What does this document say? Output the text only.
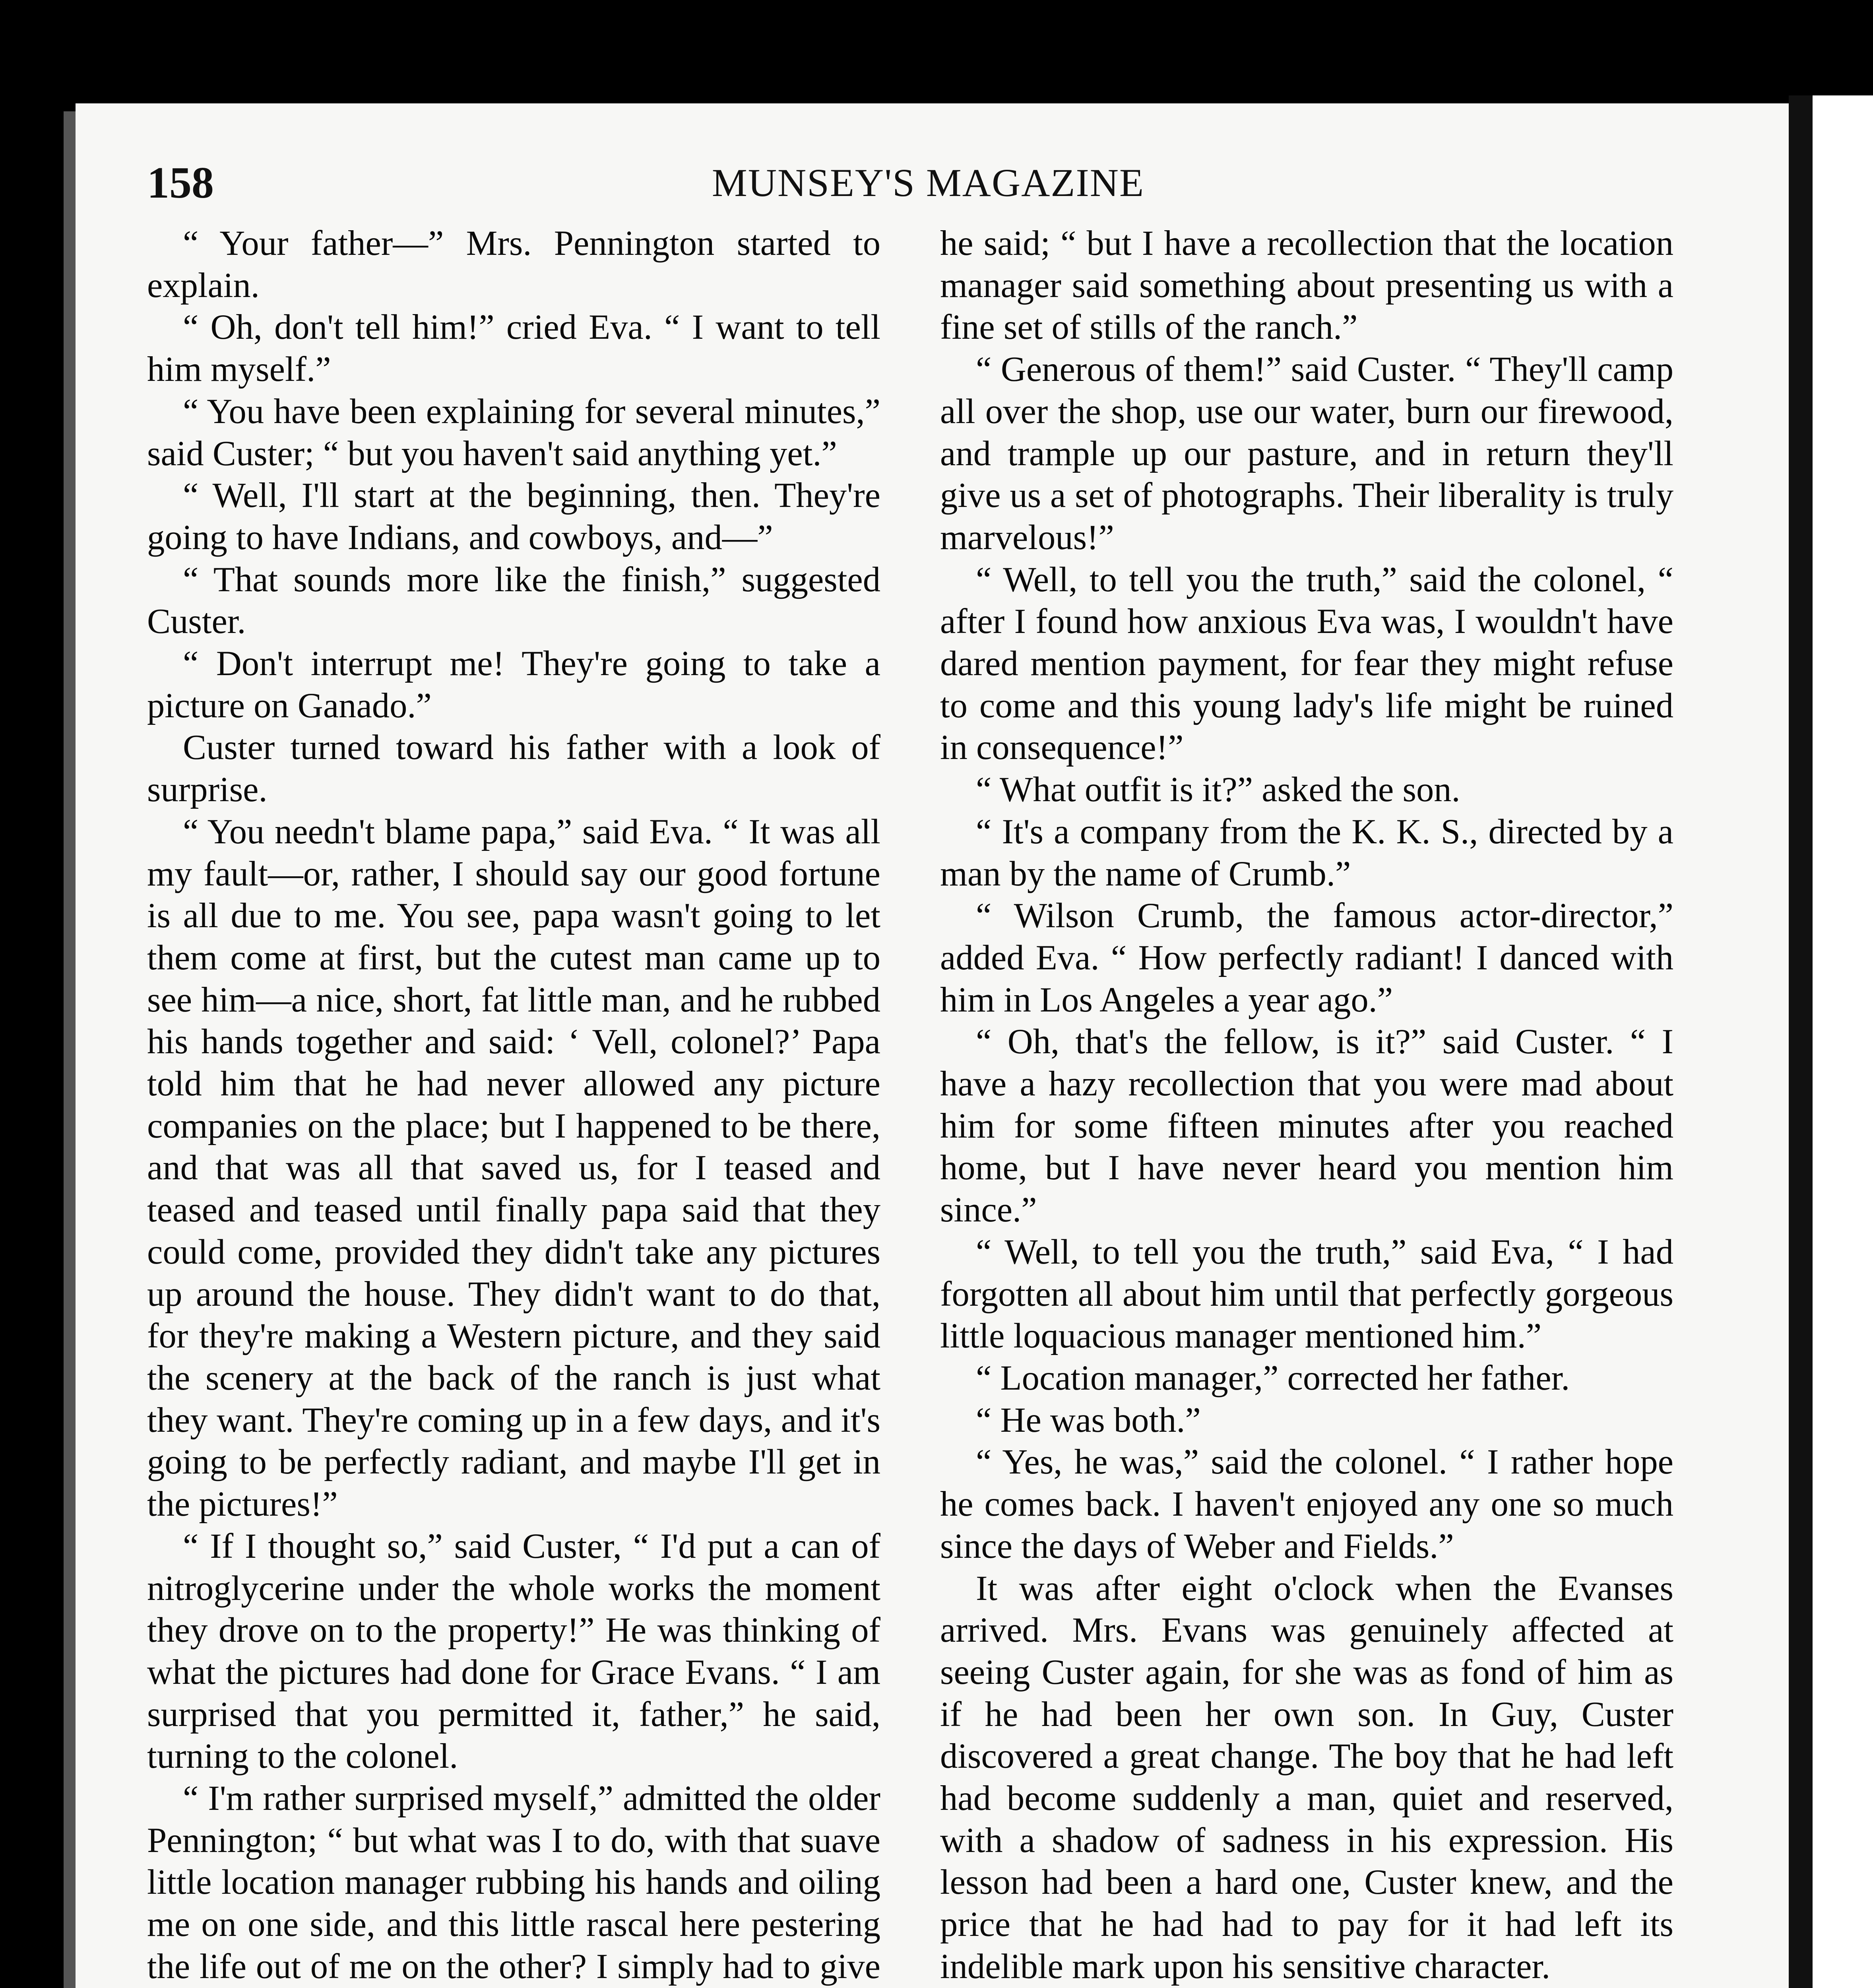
158	MUNSEY'S MAGAZINE

“ Your father—” Mrs. Pennington started to explain.

“ Oh, don't tell him!” cried Eva. “ I want to tell him myself.”

“ You have been explaining for several minutes,” said Custer; “ but you haven't said anything yet.”

“ Well, I'll start at the beginning, then. They're going to have Indians, and cowboys, and—”

“ That sounds more like the finish,” suggested Custer.

“ Don't interrupt me! They're going to take a picture on Ganado.”

Custer turned toward his father with a look of surprise.

“ You needn't blame papa,” said Eva. “ It was all my fault—or, rather, I should say our good fortune is all due to me. You see, papa wasn't going to let them come at first, but the cutest man came up to see him—a nice, short, fat little man, and he rubbed his hands together and said: ‘ Vell, colonel?’ Papa told him that he had never allowed any picture companies on the place; but I happened to be there, and that was all that saved us, for I teased and teased and teased until finally papa said that they could come, provided they didn't take any pictures up around the house. They didn't want to do that, for they're making a Western picture, and they said the scenery at the back of the ranch is just what they want. They're coming up in a few days, and it's going to be perfectly radiant, and maybe I'll get in the pictures!”

“ If I thought so,” said Custer, “ I'd put a can of nitroglycerine under the whole works the moment they drove on to the property!” He was thinking of what the pictures had done for Grace Evans. “ I am surprised that you permitted it, father,” he said, turning to the colonel.

“ I'm rather surprised myself,” admitted the older Pennington; “ but what was I to do, with that suave little location manager rubbing his hands and oiling me on one side, and this little rascal here pestering the life out of me on the other? I simply had to give

he said; “ but I have a recollection that the location manager said something about presenting us with a fine set of stills of the ranch.”

“ Generous of them!” said Custer. “ They'll camp all over the shop, use our water, burn our firewood, and trample up our pasture, and in return they'll give us a set of photographs. Their liberality is truly marvelous!”

“ Well, to tell you the truth,” said the colonel, “ after I found how anxious Eva was, I wouldn't have dared mention payment, for fear they might refuse to come and this young lady's life might be ruined in consequence!”

“ What outfit is it?” asked the son.

“ It's a company from the K. K. S., directed by a man by the name of Crumb.”

“ Wilson Crumb, the famous actor-director,” added Eva. “ How perfectly radiant! I danced with him in Los Angeles a year ago.”

“ Oh, that's the fellow, is it?” said Custer. “ I have a hazy recollection that you were mad about him for some fifteen minutes after you reached home, but I have never heard you mention him since.”

“ Well, to tell you the truth,” said Eva, “ I had forgotten all about him until that perfectly gorgeous little loquacious manager mentioned him.”

“ Location manager,” corrected her father.

“ He was both.”

“ Yes, he was,” said the colonel. “ I rather hope he comes back. I haven't enjoyed any one so much since the days of Weber and Fields.”

It was after eight o'clock when the Evanses arrived. Mrs. Evans was genuinely affected at seeing Custer again, for she was as fond of him as if he had been her own son. In Guy, Custer discovered a great change. The boy that he had left had become suddenly a man, quiet and reserved, with a shadow of sadness in his expression. His lesson had been a hard one, Custer knew, and the price that he had had to pay for it had left its indelible mark upon his sensitive character.
